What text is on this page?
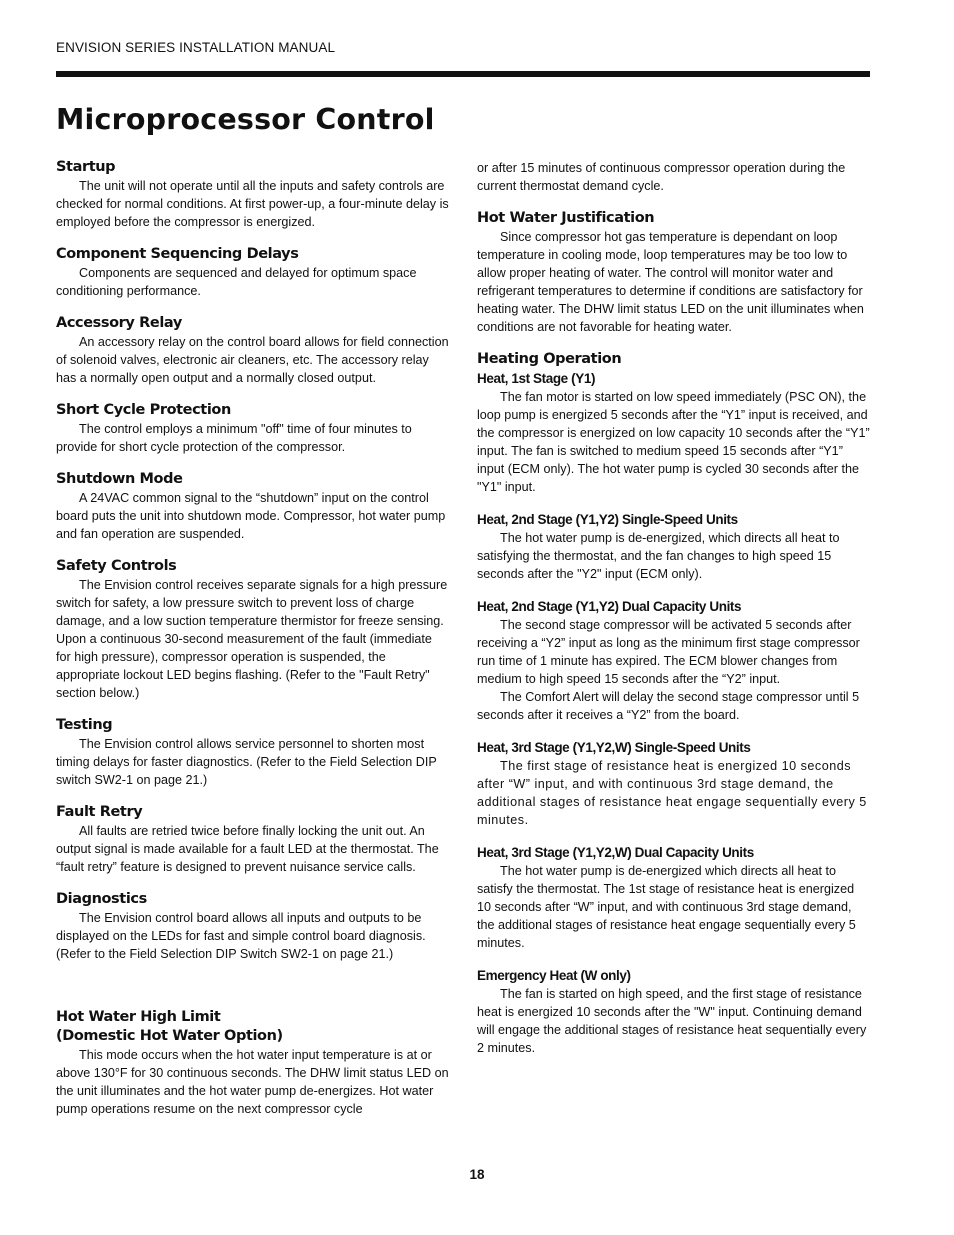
ENVISION SERIES INSTALLATION MANUAL
Microprocessor Control
Startup

The unit will not operate until all the inputs and safety controls are checked for normal conditions. At first power-up, a four-minute delay is employed before the compressor is energized.

Component Sequencing Delays

Components are sequenced and delayed for optimum space conditioning performance.

Accessory Relay

An accessory relay on the control board allows for field connection of solenoid valves, electronic air cleaners, etc. The accessory relay has a normally open output and a normally closed output.

Short Cycle Protection

The control employs a minimum "off" time of four minutes to provide for short cycle protection of the compressor.

Shutdown Mode

A 24VAC common signal to the “shutdown” input on the control board puts the unit into shutdown mode. Compressor, hot water pump and fan operation are suspended.

Safety Controls

The Envision control receives separate signals for a high pressure switch for safety, a low pressure switch to prevent loss of charge damage, and a low suction temperature thermistor for freeze sensing. Upon a continuous 30-second measurement of the fault (immediate for high pressure), compressor operation is suspended, the appropriate lockout LED begins flashing. (Refer to the "Fault Retry" section below.)

Testing

The Envision control allows service personnel to shorten most timing delays for faster diagnostics. (Refer to the Field Selection DIP switch SW2-1 on page 21.)

Fault Retry

All faults are retried twice before finally locking the unit out. An output signal is made available for a fault LED at the thermostat. The “fault retry” feature is designed to prevent nuisance service calls.

Diagnostics

The Envision control board allows all inputs and outputs to be displayed on the LEDs for fast and simple control board diagnosis. (Refer to the Field Selection DIP Switch SW2-1 on page 21.)

Hot Water High Limit
(Domestic Hot Water Option)

This mode occurs when the hot water input temperature is at or above 130°F for 30 continuous seconds. The DHW limit status LED on the unit illuminates and the hot water pump de-energizes. Hot water pump operations resume on the next compressor cycle

or after 15 minutes of continuous compressor operation during the current thermostat demand cycle.

Hot Water Justification

Since compressor hot gas temperature is dependant on loop temperature in cooling mode, loop temperatures may be too low to allow proper heating of water. The control will monitor water and refrigerant temperatures to determine if conditions are satisfactory for heating water. The DHW limit status LED on the unit illuminates when conditions are not favorable for heating water.

Heating Operation
Heat, 1st Stage (Y1)

The fan motor is started on low speed immediately (PSC ON), the loop pump is energized 5 seconds after the “Y1” input is received, and the compressor is energized on low capacity 10 seconds after the “Y1” input. The fan is switched to medium speed 15 seconds after “Y1” input (ECM only). The hot water pump is cycled 30 seconds after the "Y1" input.

Heat, 2nd Stage (Y1,Y2) Single-Speed Units

The hot water pump is de-energized, which directs all heat to satisfying the thermostat, and the fan changes to high speed 15 seconds after the "Y2" input (ECM only).

Heat, 2nd Stage (Y1,Y2) Dual Capacity Units

The second stage compressor will be activated 5 seconds after receiving a “Y2” input as long as the minimum first stage compressor run time of 1 minute has expired. The ECM blower changes from medium to high speed 15 seconds after the “Y2” input.

The Comfort Alert will delay the second stage compressor until 5 seconds after it receives a “Y2” from the board.

Heat, 3rd Stage (Y1,Y2,W) Single-Speed Units

The first stage of resistance heat is energized 10 seconds after “W” input, and with continuous 3rd stage demand, the additional stages of resistance heat engage sequentially every 5 minutes.

Heat, 3rd Stage (Y1,Y2,W) Dual Capacity Units

The hot water pump is de-energized which directs all heat to satisfy the thermostat. The 1st stage of resistance heat is energized 10 seconds after “W” input, and with continuous 3rd stage demand, the additional stages of resistance heat engage sequentially every 5 minutes.

Emergency Heat (W only)

The fan is started on high speed, and the first stage of resistance heat is energized 10 seconds after the "W" input. Continuing demand will engage the additional stages of resistance heat sequentially every 2 minutes.

18
